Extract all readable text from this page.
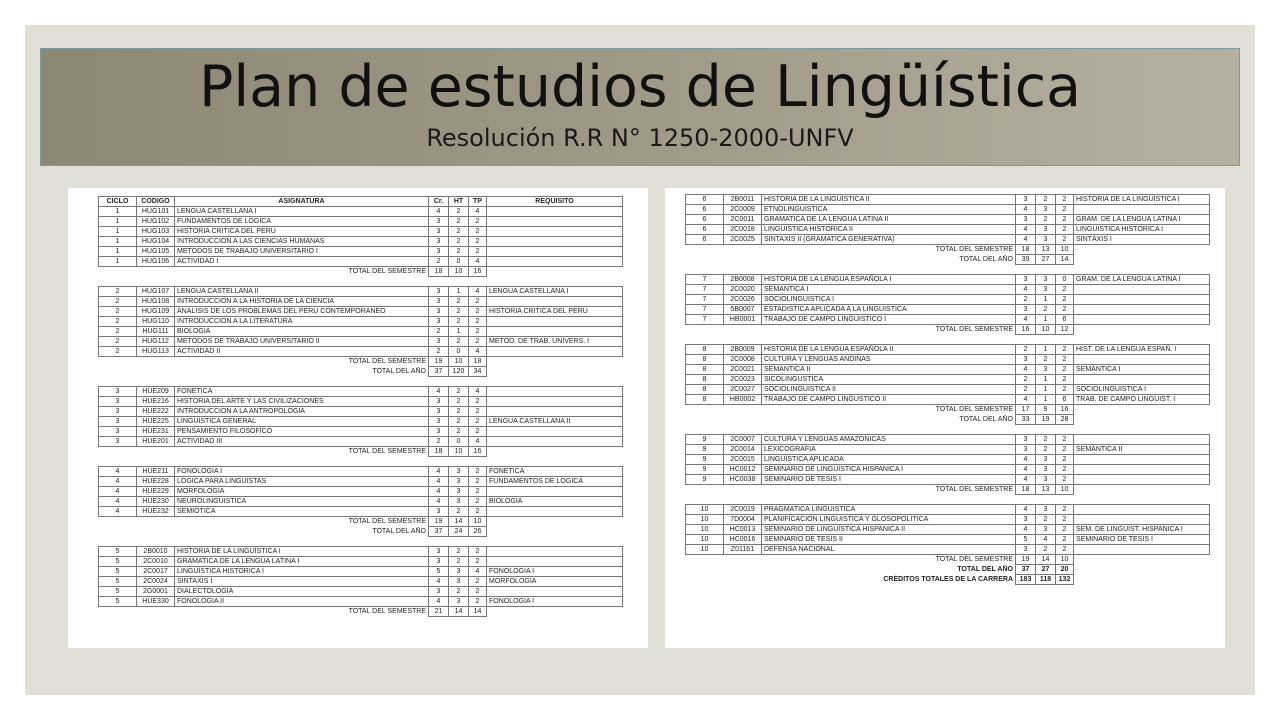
Plan de estudios de Lingüística
Resolución R.R N° 1250-2000-UNFV
CICLO	CODIGO	ASIGNATURA	Cr.	HT	TP	REQUISITO
1	HUG101	LENGUA CASTELLANA I	4	2	4	
1	HUG102	FUNDAMENTOS DE LOGICA	3	2	2	
1	HUG103	HISTORIA CRITICA DEL PERU	3	2	2	
1	HUG104	INTRODUCCION A LAS CIENCIAS HUMANAS	3	2	2	
1	HUG105	METODOS DE TRABAJO UNIVERSITARIO I	3	2	2	
1	HUG106	ACTIVIDAD I	2	0	4	
TOTAL DEL SEMESTRE			18	10	16	

2	HUG107	LENGUA CASTELLANA II	3	1	4	LENGUA CASTELLANA I
2	HUG108	INTRODUCCION A LA HISTORIA DE LA CIENCIA	3	2	2	
2	HUG109	ANALISIS DE LOS PROBLEMAS DEL PERU CONTEMPORANEO	3	2	2	HISTORIA CRITICA DEL PERU
2	HUG110	INTRODUCCION A LA LITERATURA	3	2	2	
2	HUG111	BIOLOGIA	2	1	2	
2	HUG112	METODOS DE TRABAJO UNIVERSITARIO II	3	2	2	METOD. DE TRAB. UNIVERS. I
2	HUG113	ACTIVIDAD II	2	0	4	
TOTAL DEL SEMESTRE			19	10	18	
TOTAL DEL AÑO			37	120	34	

3	HUE209	FONETICA	4	2	4	
3	HUE216	HISTORIA DEL ARTE Y LAS CIVILIZACIONES	3	2	2	
3	HUE222	INTRODUCCION A LA ANTROPOLOGIA	3	2	2	
3	HUE225	LINGÜÍSTICA GENERAL	3	2	2	LENGUA CASTELLANA II
3	HUE231	PENSAMIENTO FILOSOFICO	3	2	2	
3	HUE201	ACTIVIDAD III	2	0	4	
TOTAL DEL SEMESTRE			18	10	16	

4	HUE211	FONOLOGIA I	4	3	2	FONETICA
4	HUE228	LOGICA PARA LINGÜISTAS	4	3	2	FUNDAMENTOS DE LOGICA
4	HUE229	MORFOLOGIA	4	3	2	
4	HUE230	NEUROLINGUISTICA	4	3	2	BIOLOGIA
4	HUE232	SEMIOTICA	3	2	2	
TOTAL DEL SEMESTRE			19	14	10	
TOTAL DEL AÑO			37	24	26	

5	2B0010	HISTORIA DE LA LINGÜÍSTICA I	3	2	2	
5	2C0010	GRAMATICA DE LA LENGUA LATINA I	3	2	2	
5	2C0017	LINGÜÍSTICA HISTORICA I	5	3	4	FONOLOGIA I
5	2C0024	SINTAXIS I	4	3	2	MORFOLOGIA
5	2G0001	DIALECTOLOGIA	3	2	2	
5	HUE330	FONOLOGIA II	4	3	2	FONOLOGIA I
TOTAL DEL SEMESTRE			21	14	14	
6	2B0011	HISTORIA DE LA LINGÜÍSTICA II	3	2	2	HISTORIA DE LA LINGÜÍSTICA I
6	2C0009	ETNOLINGUISTICA	4	3	2	
6	2C0011	GRAMATICA DE LA LENGUA LATINA II	3	2	2	GRAM. DE LA LENGUA LATINA I
6	2C0018	LINGÜÍSTICA HISTORICA II	4	3	2	LINGUISTICA HISTÓRICA I
6	2C0025	SINTAXIS II (GRAMATICA GENERATIVA)	4	3	2	SINTÁXIS I
TOTAL DEL SEMESTRE			18	13	10	
TOTAL DEL AÑO			39	27	14	

7	2B0008	HISTORIA DE LA LENGUA ESPAÑOLA I	3	3	0	GRAM. DE LA LENGUA LATINA I
7	2C0020	SEMANTICA I	4	3	2	
7	2C0026	SOCIOLINGUISTICA I	2	1	2	
7	5B0007	ESTADISTICA APLICADA A LA LINGÜISTICA	3	2	2	
7	HB0001	TRABAJO DE CAMPO LINGUISTICO I	4	1	6	
TOTAL DEL SEMESTRE			16	10	12	

8	2B0009	HISTORIA DE LA LENGUA ESPAÑOLA II	2	1	2	HIST. DE LA LENGUA ESPAÑ. I
8	2C0008	CULTURA Y LENGUAS ANDINAS	3	2	2	
8	2C0021	SEMANTICA II	4	3	2	SEMÁNTICA I
8	2C0023	SICOLINGUSTICA	2	1	2	
8	2C0027	SOCIOLINGUISTICA II	2	1	2	SOCIOLINGUISTICA I
8	HB0002	TRABAJO DE CAMPO LINGUSTICO II	4	1	6	TRAB. DE CAMPO LINGUIST. I
TOTAL DEL SEMESTRE			17	9	16	
TOTAL DEL AÑO			33	19	28	

9	2C0007	CULTURA Y LENGUAS AMAZONICAS	3	2	2	
9	2C0014	LEXICOGRAFIA	3	2	2	SEMÁNTICA II
9	2C0015	LINGÜÍSTICA APLICADA	4	3	2	
9	HC0012	SEMINARIO DE LINGÜÍSTICA HISPANICA I	4	3	2	
9	HC0038	SEMINARIO DE TESIS I	4	3	2	
TOTAL DEL SEMESTRE			18	13	10	

10	2C0019	PRAGMATICA LINGÜISTICA	4	3	2	
10	7D0004	PLANIFICACION LINGÜISTICA Y GLOSOPOLITICA	3	2	2	
10	HC0013	SEMINARIO DE LINGÜÍSTICA HISPANICA II	4	3	2	SEM. DE LINGÜÍST. HISPANICA I
10	HC0016	SEMINARIO DE TESIS II	5	4	2	SEMINARIO DE TESIS I
10	Z01161	DEFENSA NACIONAL	3	2	2	
TOTAL DEL SEMESTRE			19	14	10	
TOTAL DEL AÑO			37	27	20	
CRÉDITOS TOTALES DE LA CARRERA			183	118	132	
